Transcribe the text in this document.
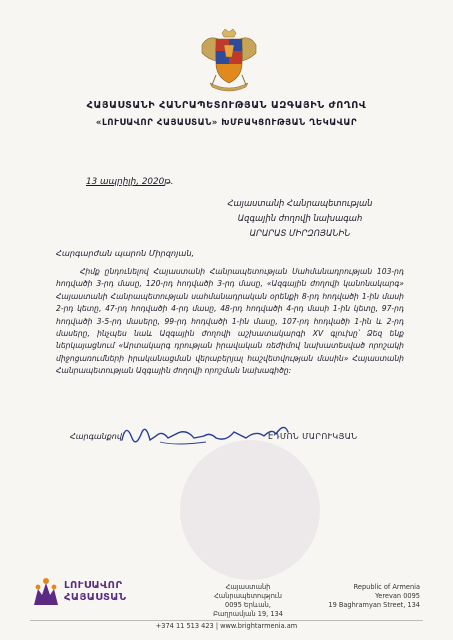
ՀԱՅԱՍՏԱՆԻ ՀԱՆՐԱՊԵՏՈՒԹՅԱՆ ԱԶԳԱՅԻՆ ԺՈՂՈՎ
«ԼՈՒՍԱՎՈՐ ՀԱՅԱՍՏԱՆ» ԽՄԲԱԿՑՈՒԹՅԱՆ ՂԵԿԱՎԱՐ
13 ապրիլի, 2020թ.
Հայաստանի Հանրապետության
Ազգային ժողովի նախագահ
ԱՐԱՐԱՏ ՄԻՐԶՈՅԱՆԻՆ
Հարգարժան պարոն Միրզոյան,
Հիմք ընդունելով Հայաստանի Հանրապետության Սահմանադրության 103-րդ հոդվածի 3-րդ մասը, 120-րդ հոդվածի 3-րդ մասը, «Ազգային ժողովի կանոնակարգ» Հայաստանի Հանրապետության սահմանադրական օրենքի 8-րդ հոդվածի 1-ին մասի 2-րդ կետը, 47-րդ հոդվածի 4-րդ մասը, 48-րդ հոդվածի 4-րդ մասի 1-ին կետը, 97-րդ հոդվածի 3-5-րդ մասերը, 99-րդ հոդվածի 1-ին մասը, 107-րդ հոդվածի 1-ին և 2-րդ մասերը, ինչպես նաև Ազգային ժողովի աշխատակարգի XV գլուխը՝ Ձեզ ենք ներկայացնում «Արտակարգ դրության իրավական ռեժիմով նախատեսված որոշակի միջոցառումների իրականացման վերաբերյալ հաշվետվության մասին» Հայաստանի Հանրապետության Ազգային ժողովի որոշման նախագիծը:
Հարգանքով՝	ԷԴՄՈՆ ՄԱՐՈՒԿՅԱՆ
ԼՈՒՍԱՎՈՐ
ՀԱՅԱՍՏԱՆ
Հայաստանի Հանրապետություն
0095 Երևան,
Բաղրամյան 19, 134
Republic of Armenia
Yerevan 0095
19 Baghramyan Street, 134
+374 11 513 423 | www.brightarmenia.am
